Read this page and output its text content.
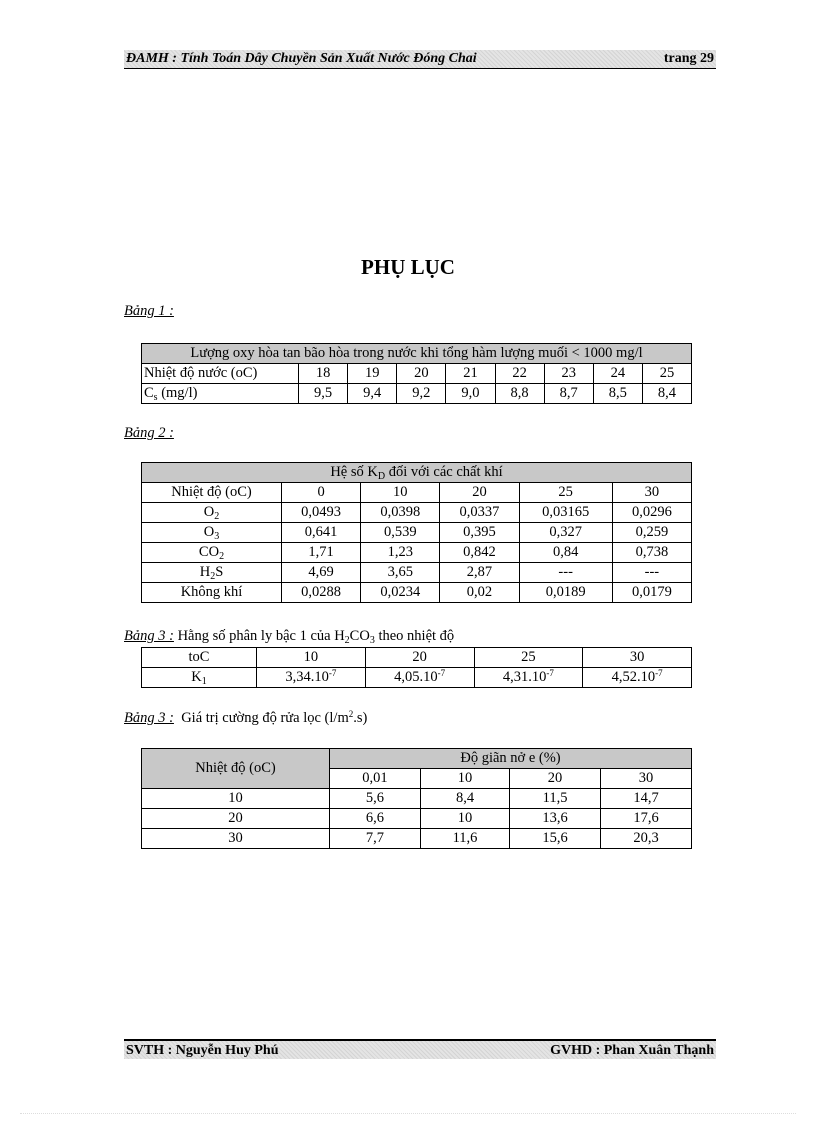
ĐAMH : Tính Toán Dây Chuyền Sản Xuất Nước Đóng Chai	trang 29
PHỤ LỤC
Bảng 1 :
Lượng oxy hòa tan bão hòa trong nước khi tổng hàm lượng muối < 1000 mg/l								
Nhiệt độ nước (oC)	18	19	20	21	22	23	24	25
$C_s$ (mg/l)	9,5	9,4	9,2	9,0	8,8	8,7	8,5	8,4
Bảng 2 :
Hệ số $K_D$ đối với các chất khí					
Nhiệt độ (oC)	0	10	20	25	30
$O_2$	0,0493	0,0398	0,0337	0,03165	0,0296
$O_3$	0,641	0,539	0,395	0,327	0,259
$CO_2$	1,71	1,23	0,842	0,84	0,738
$H_2S$	4,69	3,65	2,87	---	---
Không khí	0,0288	0,0234	0,02	0,0189	0,0179
Bảng 3 : Hằng số phân ly bậc 1 của $H_2CO_3$ theo nhiệt độ
toC	10	20	25	30
$K_1$	$3,34.10^{-7}$	$4,05.10^{-7}$	$4,31.10^{-7}$	$4,52.10^{-7}$
Bảng 3 :  Giá trị cường độ rửa lọc $(l/m^2.s)$
Nhiệt độ (oC)	Độ giãn nở e (%)			
	0,01	10	20	30
10	5,6	8,4	11,5	14,7
20	6,6	10	13,6	17,6
30	7,7	11,6	15,6	20,3
SVTH : Nguyễn Huy Phú	GVHD : Phan Xuân Thạnh
